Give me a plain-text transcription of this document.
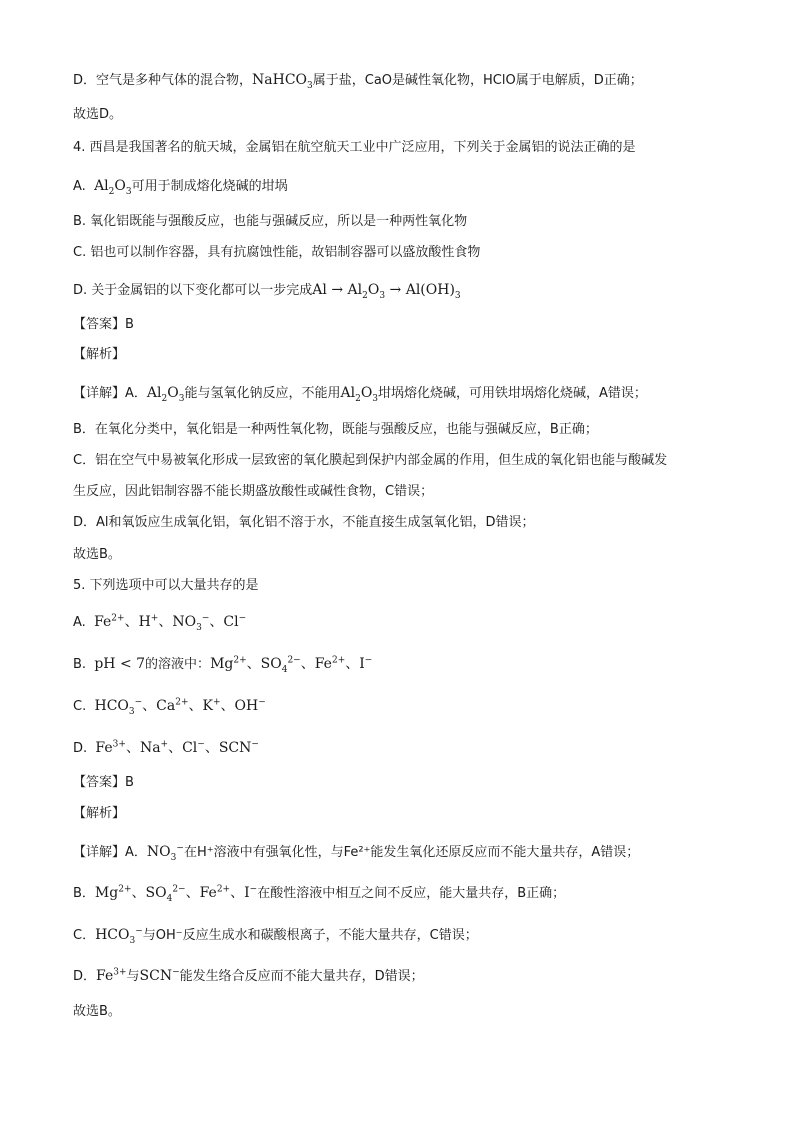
D．空气是多种气体的混合物，NaHCO$_3$属于盐，CaO是碱性氧化物，HClO属于电解质，D正确；
故选D。
4. 西昌是我国著名的航天城，金属铝在航空航天工业中广泛应用，下列关于金属铝的说法正确的是
A. $Al_2O_3$可用于制成熔化烧碱的坩埚
B. 氧化铝既能与强酸反应，也能与强碱反应，所以是一种两性氧化物
C. 铝也可以制作容器，具有抗腐蚀性能，故铝制容器可以盛放酸性食物
D. 关于金属铝的以下变化都可以一步完成$Al \to Al_2O_3 \to Al(OH)_3$
【答案】B
【解析】
【详解】A．$Al_2O_3$能与氢氧化钠反应，不能用$Al_2O_3$坩埚熔化烧碱，可用铁坩埚熔化烧碱，A错误；
B．在氧化分类中，氧化铝是一种两性氧化物，既能与强酸反应，也能与强碱反应，B正确；
C．铝在空气中易被氧化形成一层致密的氧化膜起到保护内部金属的作用，但生成的氧化铝也能与酸碱发
生反应，因此铝制容器不能长期盛放酸性或碱性食物，C错误；
D．Al和氧饭应生成氧化铝，氧化铝不溶于水，不能直接生成氢氧化铝，D错误；
故选B。
5. 下列选项中可以大量共存的是
A. $Fe^{2+}$、H+、$NO_3^-$、Cl−
B. pH < 7的溶液中：$Mg^{2+}$、$SO_4^{2-}$、$Fe^{2+}$、I−
C. $HCO_3^-$、$Ca^{2+}$、K+、OH−
D. $Fe^{3+}$、Na+、Cl−、SCN−
【答案】B
【解析】
【详解】A．$NO_3^-$在H⁺溶液中有强氧化性，与Fe²⁺能发生氧化还原反应而不能大量共存，A错误；
B．$Mg^{2+}$、$SO_4^{2-}$、$Fe^{2+}$、I−在酸性溶液中相互之间不反应，能大量共存，B正确；
C．$HCO_3^-$与OH⁻反应生成水和碳酸根离子，不能大量共存，C错误；
D．$Fe^{3+}$与SCN−能发生络合反应而不能大量共存，D错误；
故选B。
